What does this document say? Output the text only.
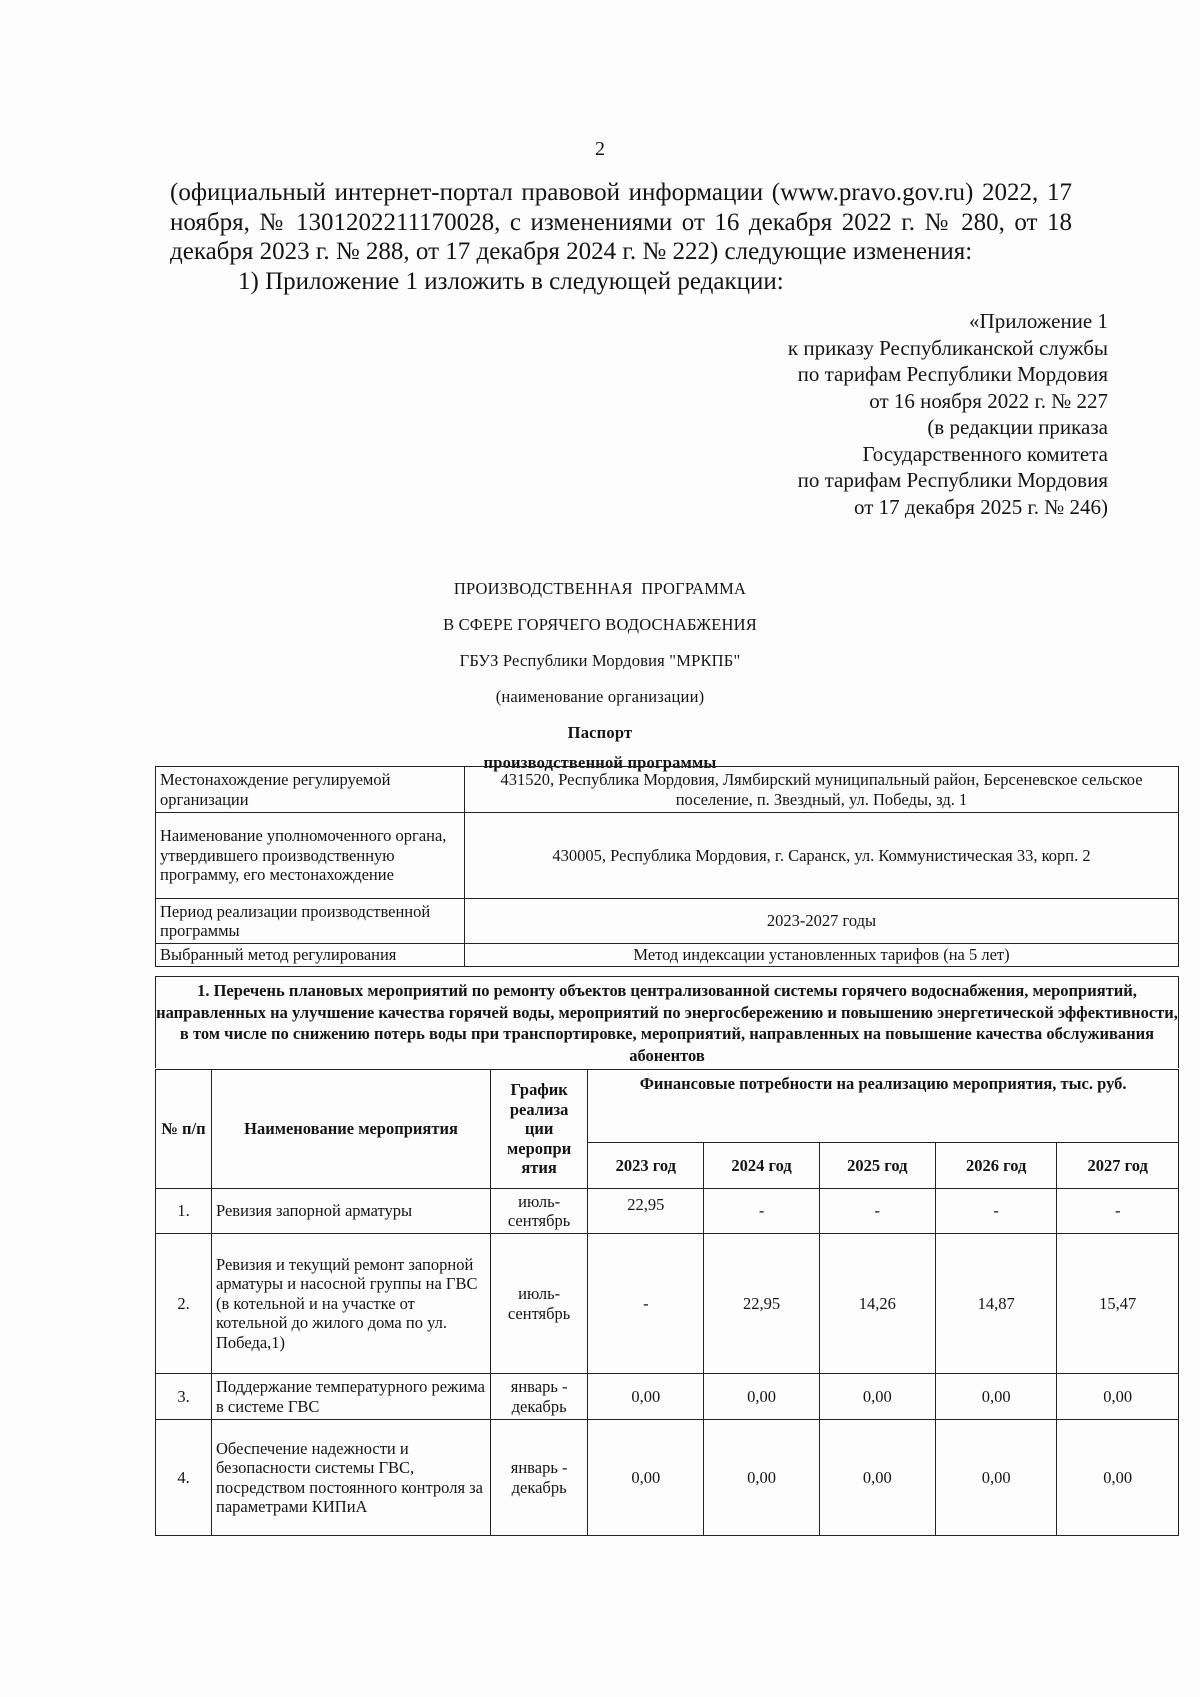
2

(официальный интернет-портал правовой информации (www.pravo.gov.ru) 2022, 17 ноября, № 1301202211170028, с изменениями от 16 декабря 2022 г. № 280, от 18 декабря 2023 г. № 288, от 17 декабря 2024 г. № 222) следующие изменения:

1) Приложение 1 изложить в следующей редакции:

«Приложение 1
к приказу Республиканской службы
по тарифам Республики Мордовия
от 16 ноября 2022 г. № 227
(в редакции приказа
Государственного комитета
по тарифам Республики Мордовия
от 17 декабря 2025 г. № 246)
ПРОИЗВОДСТВЕННАЯ  ПРОГРАММА
В СФЕРЕ ГОРЯЧЕГО ВОДОСНАБЖЕНИЯ
ГБУЗ Республики Мордовия "МРКПБ"
(наименование организации)
Паспорт
производственной программы
Местонахождение регулируемой организации	431520, Республика Мордовия, Лямбирский муниципальный район, Берсеневское сельское поселение, п. Звездный, ул. Победы, зд. 1
Наименование уполномоченного органа, утвердившего производственную программу, его местонахождение	430005, Республика Мордовия, г. Саранск, ул. Коммунистическая 33, корп. 2
Период реализации производственной программы	2023-2027 годы
Выбранный метод регулирования	Метод индексации установленных тарифов (на 5 лет)
1. Перечень плановых мероприятий по ремонту объектов централизованной системы горячего водоснабжения, мероприятий, направленных на улучшение качества горячей воды, мероприятий по энергосбережению и повышению энергетической эффективности, в том числе по снижению потерь воды при транспортировке, мероприятий, направленных на повышение качества обслуживания абонентов
№ п/п	Наименование мероприятия	График реализа ции меропри ятия	Финансовые потребности на реализацию мероприятия, тыс. руб.				
			2023 год	2024 год	2025 год	2026 год	2027 год
1.	Ревизия запорной арматуры	июль-сентябрь	22,95	-	-	-	-
2.	Ревизия и текущий ремонт запорной арматуры и насосной группы на ГВС (в котельной и на участке от котельной до жилого дома по ул. Победа,1)	июль-сентябрь	-	22,95	14,26	14,87	15,47
3.	Поддержание температурного режима в системе ГВС	январь - декабрь	0,00	0,00	0,00	0,00	0,00
4.	Обеспечение надежности и безопасности системы ГВС, посредством постоянного контроля за параметрами КИПиА	январь - декабрь	0,00	0,00	0,00	0,00	0,00
